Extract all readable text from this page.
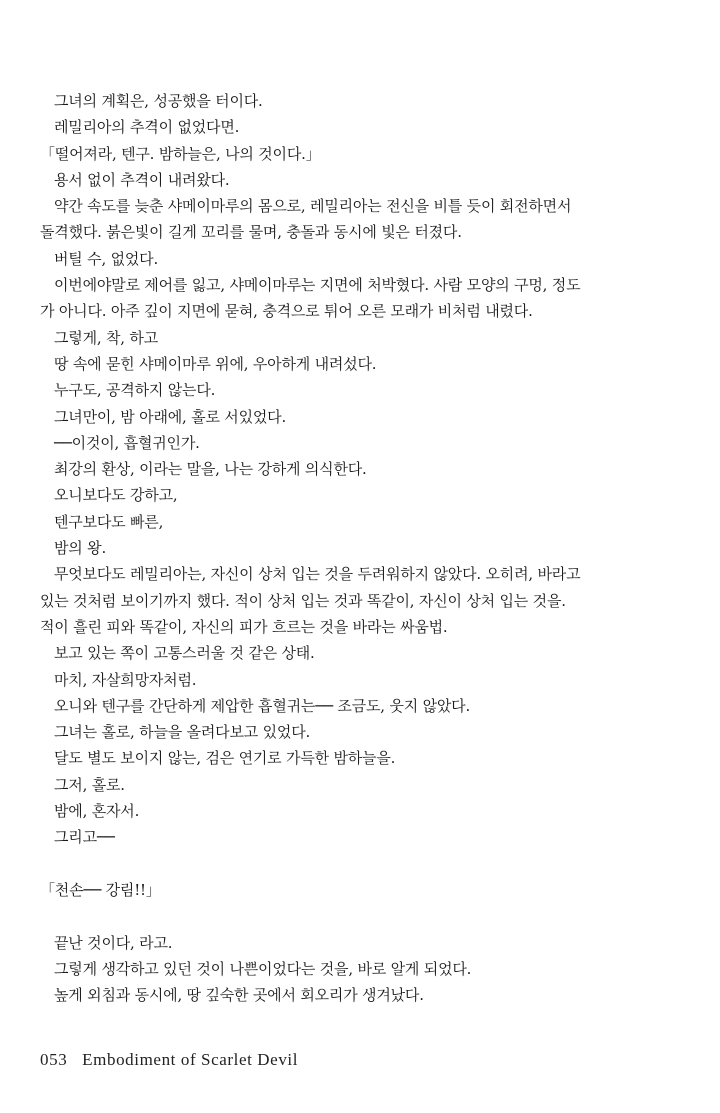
그녀의 계획은, 성공했을 터이다.
레밀리아의 추격이 없었다면.
「떨어져라, 텐구. 밤하늘은, 나의 것이다.」
용서 없이 추격이 내려왔다.
약간 속도를 늦춘 샤메이마루의 몸으로, 레밀리아는 전신을 비틀 듯이 회전하면서
돌격했다. 붉은빛이 길게 꼬리를 물며, 충돌과 동시에 빛은 터졌다.
버틸 수, 없었다.
이번에야말로 제어를 잃고, 샤메이마루는 지면에 처박혔다. 사람 모양의 구멍, 정도
가 아니다. 아주 깊이 지면에 묻혀, 충격으로 튀어 오른 모래가 비처럼 내렸다.
그렇게, 착, 하고
땅 속에 묻힌 샤메이마루 위에, 우아하게 내려섰다.
누구도, 공격하지 않는다.
그녀만이, 밤 아래에, 홀로 서있었다.
──이것이, 흡혈귀인가.
최강의 환상, 이라는 말을, 나는 강하게 의식한다.
오니보다도 강하고,
텐구보다도 빠른,
밤의 왕.
무엇보다도 레밀리아는, 자신이 상처 입는 것을 두려워하지 않았다. 오히려, 바라고
있는 것처럼 보이기까지 했다. 적이 상처 입는 것과 똑같이, 자신이 상처 입는 것을.
적이 흘린 피와 똑같이, 자신의 피가 흐르는 것을 바라는 싸움법.
보고 있는 쪽이 고통스러울 것 같은 상태.
마치, 자살희망자처럼.
오니와 텐구를 간단하게 제압한 흡혈귀는── 조금도, 웃지 않았다.
그녀는 홀로, 하늘을 올려다보고 있었다.
달도 별도 보이지 않는, 검은 연기로 가득한 밤하늘을.
그저, 홀로.
밤에, 혼자서.
그리고──
「천손── 강림!!」
끝난 것이다, 라고.
그렇게 생각하고 있던 것이 나쁜이었다는 것을, 바로 알게 되었다.
높게 외침과 동시에, 땅 깊숙한 곳에서 회오리가 생겨났다.
053 Embodiment of Scarlet Devil
